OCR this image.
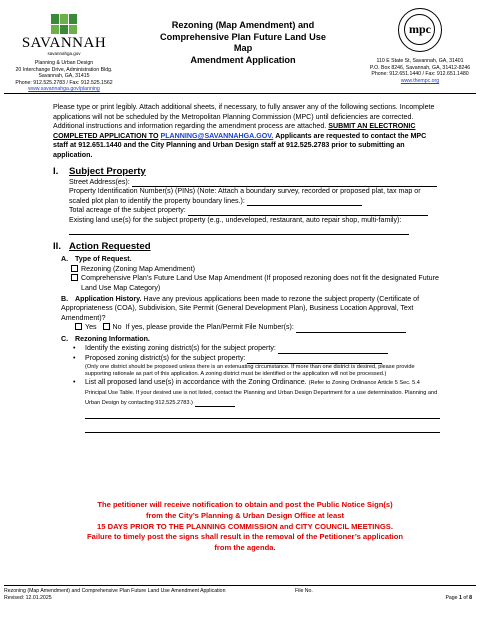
SAVANNAH
savannahga.gov
Planning & Urban Design
20 Interchange Drive, Administration Bldg.
Savannah, GA, 31415
Phone: 912.525.2783 / Fax: 912.525.1562
www.savannahga.gov/planning
Rezoning (Map Amendment) and
Comprehensive Plan Future Land Use Map
Amendment Application
mpc
110 E State St, Savannah, GA, 31401
P.O. Box 8246, Savannah, GA, 31412-8246
Phone: 912.651.1440 / Fax: 912.651.1480
www.thempc.org

Please type or print legibly. Attach additional sheets, if necessary, to fully answer any of the following sections. Incomplete applications will not be scheduled by the Metropolitan Planning Commission (MPC) until deficiencies are corrected. Additional instructions and information regarding the amendment process are attached. SUBMIT AN ELECTRONIC COMPLETED APPLICATION TO PLANNING@SAVANNAHGA.GOV. Applicants are requested to contact the MPC staff at 912.651.1440 and the City Planning and Urban Design staff at 912.525.2783 prior to submitting an application.

I. Subject Property
Street Address(es):
Property Identification Number(s) (PINs) (Note: Attach a boundary survey, recorded or proposed plat, tax map or scaled plot plan to identify the property boundary lines.):
Total acreage of the subject property:
Existing land use(s) for the subject property (e.g., undeveloped, restaurant, auto repair shop, multi-family):
II. Action Requested
A. Type of Request.
Rezoning (Zoning Map Amendment)
Comprehensive Plan’s Future Land Use Map Amendment (If proposed rezoning does not fit the designated Future Land Use Map Category)
B. Application History. Have any previous applications been made to rezone the subject property (Certificate of Appropriateness (COA), Subdivision, Site Permit (General Development Plan), Business Location Approval, Text Amendment)?
Yes No If yes, please provide the Plan/Permit File Number(s):
C. Rezoning Information.
• Identify the existing zoning district(s) for the subject property:
• Proposed zoning district(s) for the subject property:
(Only one district should be proposed unless there is an extenuating circumstance. If more than one district is desired, please provide supporting rationale as part of this application. A zoning district must be identified or the application will not be processed.)
• List all proposed land use(s) in accordance with the Zoning Ordinance. (Refer to Zoning Ordinance Article 5 Sec. 5.4 Principal Use Table. If your desired use is not listed, contact the Planning and Urban Design Department for a use determination. Planning and Urban Design by contacting 912.525.2783.)
The petitioner will receive notification to obtain and post the Public Notice Sign(s)
from the City’s Planning & Urban Design Office at least
15 DAYS PRIOR TO THE PLANNING COMMISSION and CITY COUNCIL MEETINGS.
Failure to timely post the signs shall result in the removal of the Petitioner’s application
from the agenda.
Rezoning (Map Amendment) and Comprehensive Plan Future Land Use Amendment Application
Revised: 12.01.2025
File No.
Page 1 of 8
